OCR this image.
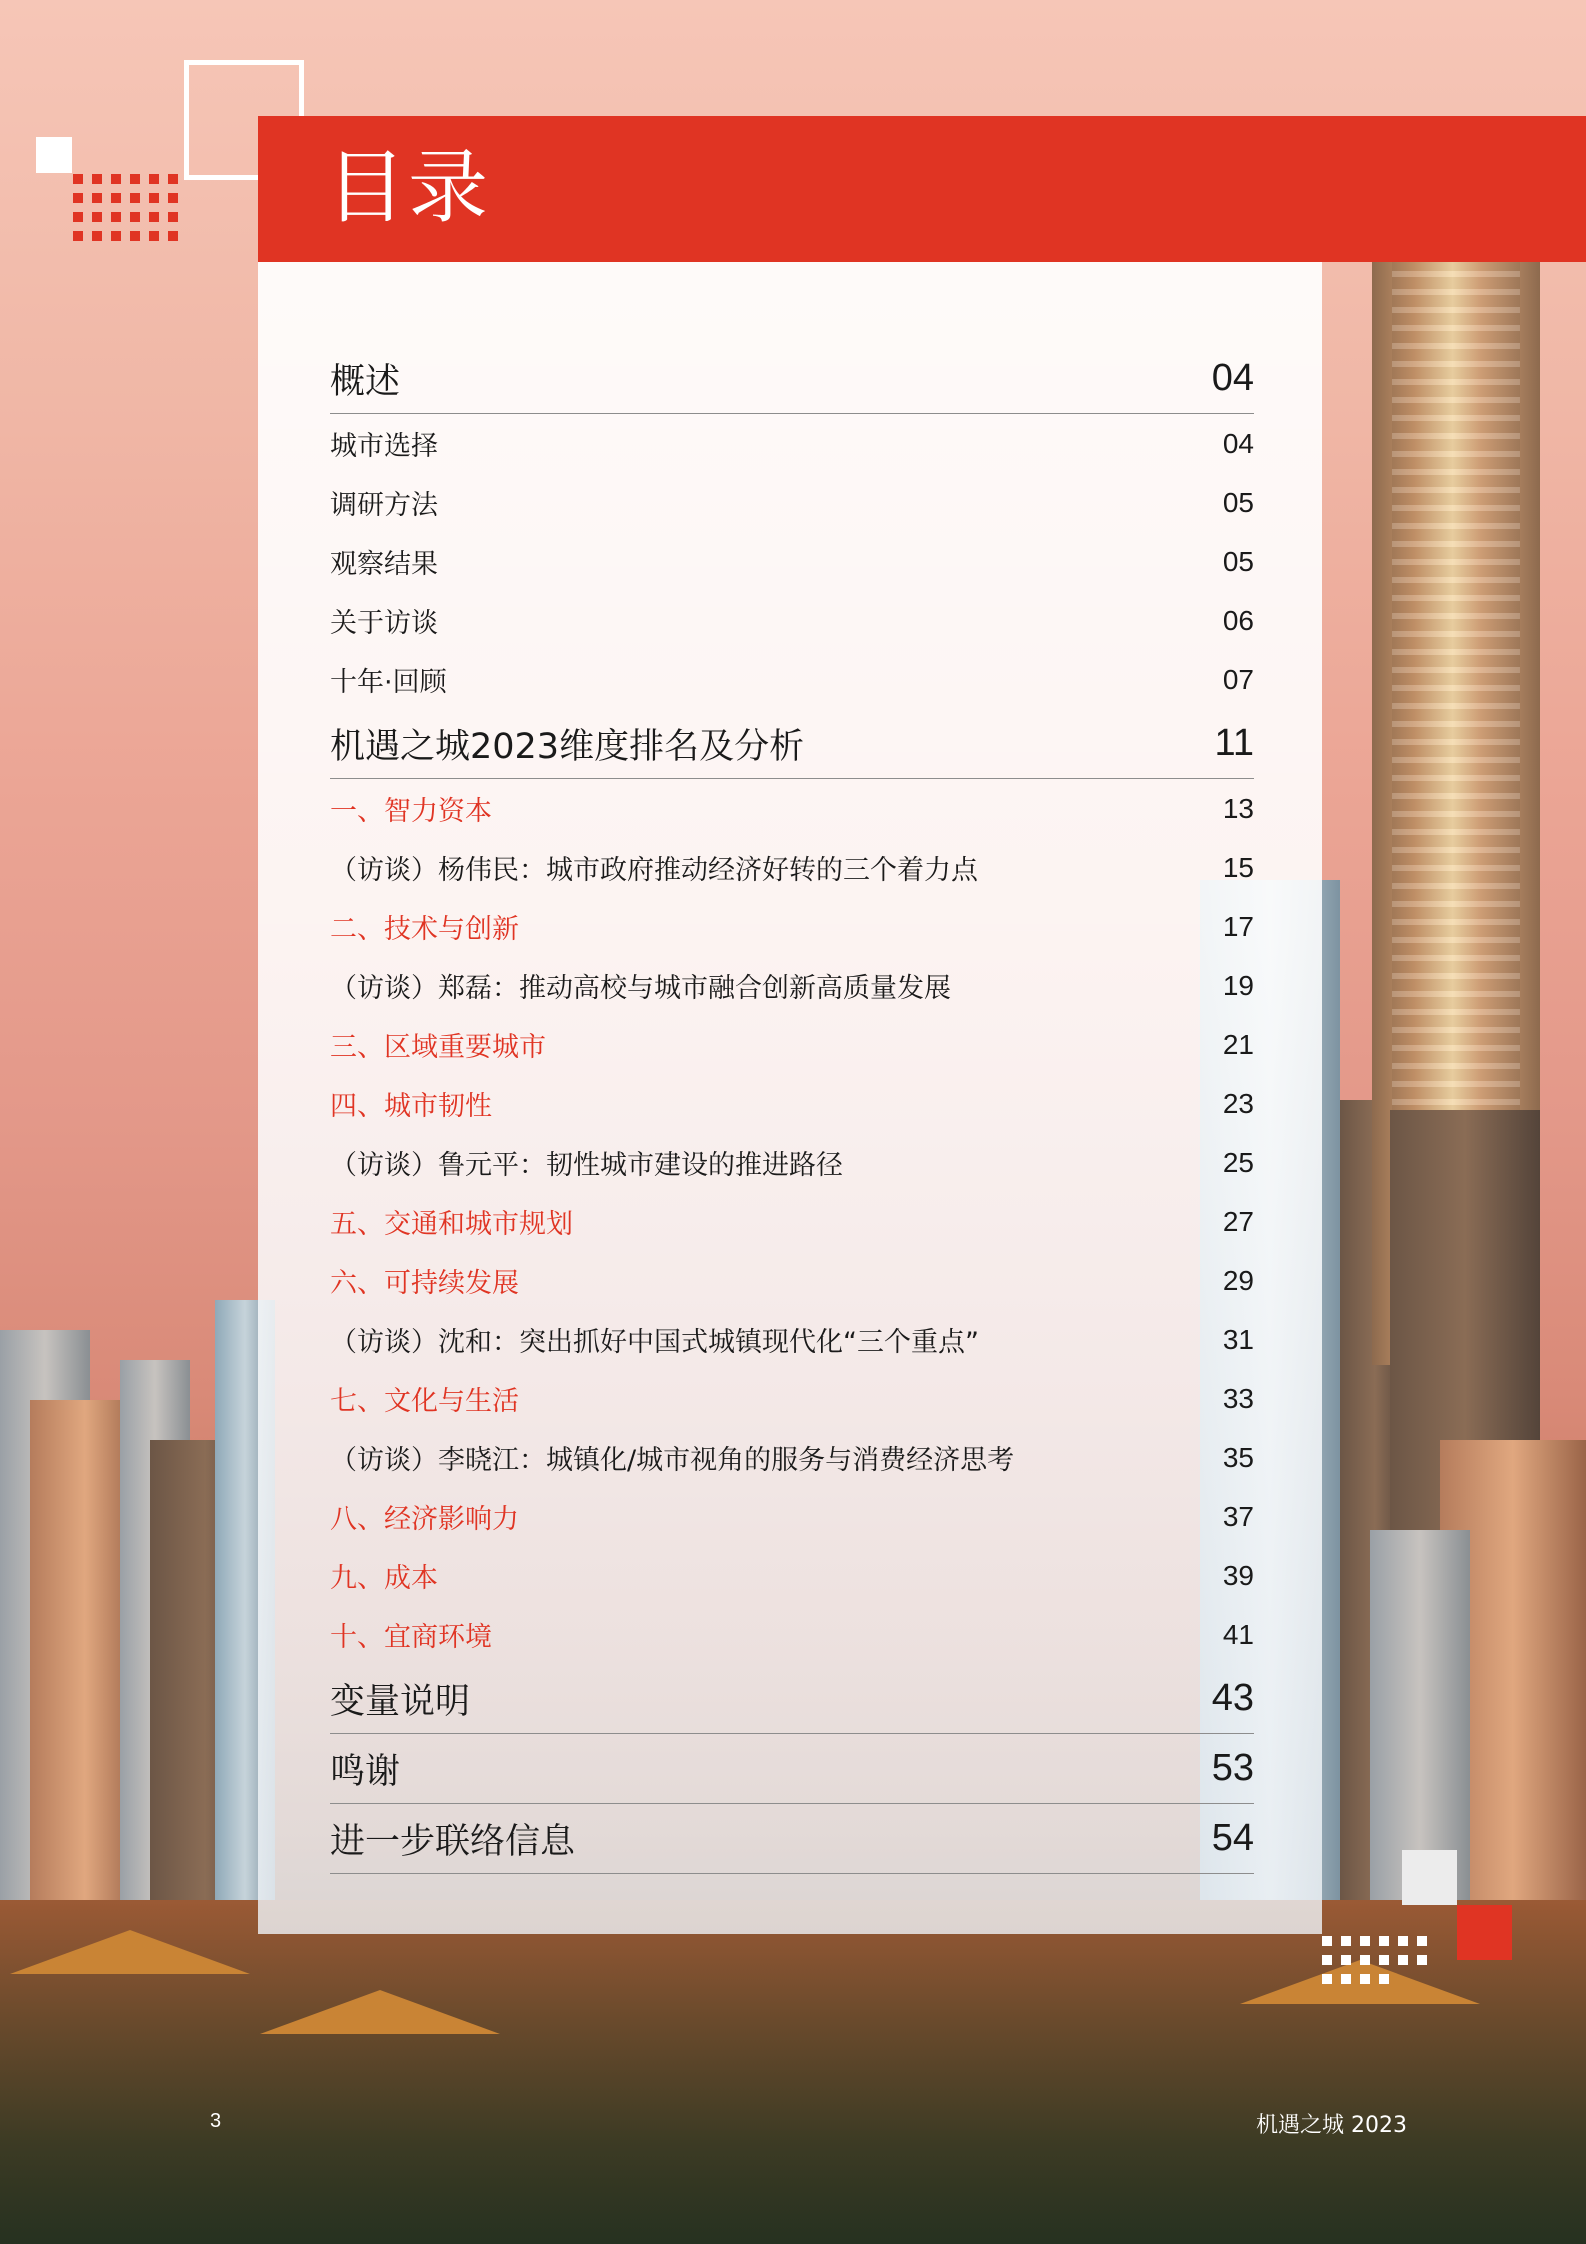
目录
概述	04
城市选择	04
调研方法	05
观察结果	05
关于访谈	06
十年·回顾	07
机遇之城2023维度排名及分析	11
一、智力资本	13
（访谈）杨伟民：城市政府推动经济好转的三个着力点	15
二、技术与创新	17
（访谈）郑磊：推动高校与城市融合创新高质量发展	19
三、区域重要城市	21
四、城市韧性	23
（访谈）鲁元平：韧性城市建设的推进路径	25
五、交通和城市规划	27
六、可持续发展	29
（访谈）沈和：突出抓好中国式城镇现代化“三个重点”	31
七、文化与生活	33
（访谈）李晓江：城镇化/城市视角的服务与消费经济思考	35
八、经济影响力	37
九、成本	39
十、宜商环境	41
变量说明	43
鸣谢	53
进一步联络信息	54
3	机遇之城 2023
